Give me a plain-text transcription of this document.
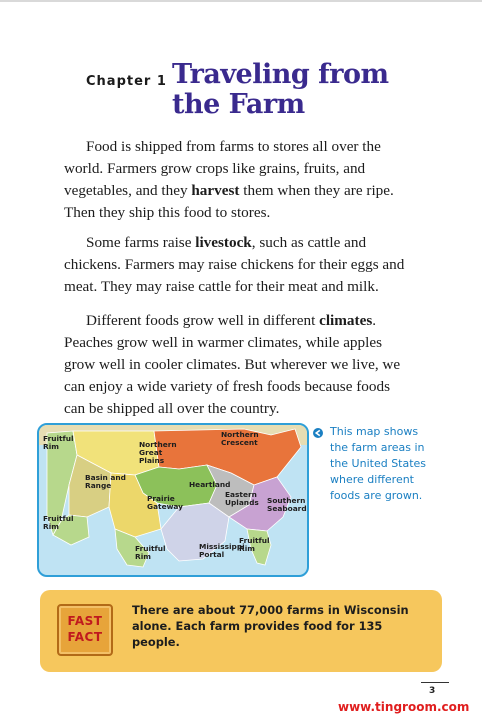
Chapter 1 Traveling from the Farm

Food is shipped from farms to stores all over the world. Farmers grow crops like grains, fruits, and vegetables, and they harvest them when they are ripe. Then they ship this food to stores.

Some farms raise livestock, such as cattle and chickens. Farmers may raise chickens for their eggs and meat. They may raise cattle for their meat and milk.

Different foods grow well in different climates. Peaches grow well in warmer climates, while apples grow well in cooler climates. But wherever we live, we can enjoy a wide variety of fresh foods because foods can be shipped all over the country.

Fruitful Rim	Northern Great Plains
Northern Crescent
Basin and Range	Heartland
Fruitful Rim
Prairie Gateway
Eastern Uplands Southern Seaboard
Fruitful Rim
Mississippi Portal
Fruitful Rim
This map shows the farm areas in the United States where different foods are grown.
FAST
FACT
There are about 77,000 farms in Wisconsin alone. Each farm provides food for 135 people.
3
www.tingroom.com
